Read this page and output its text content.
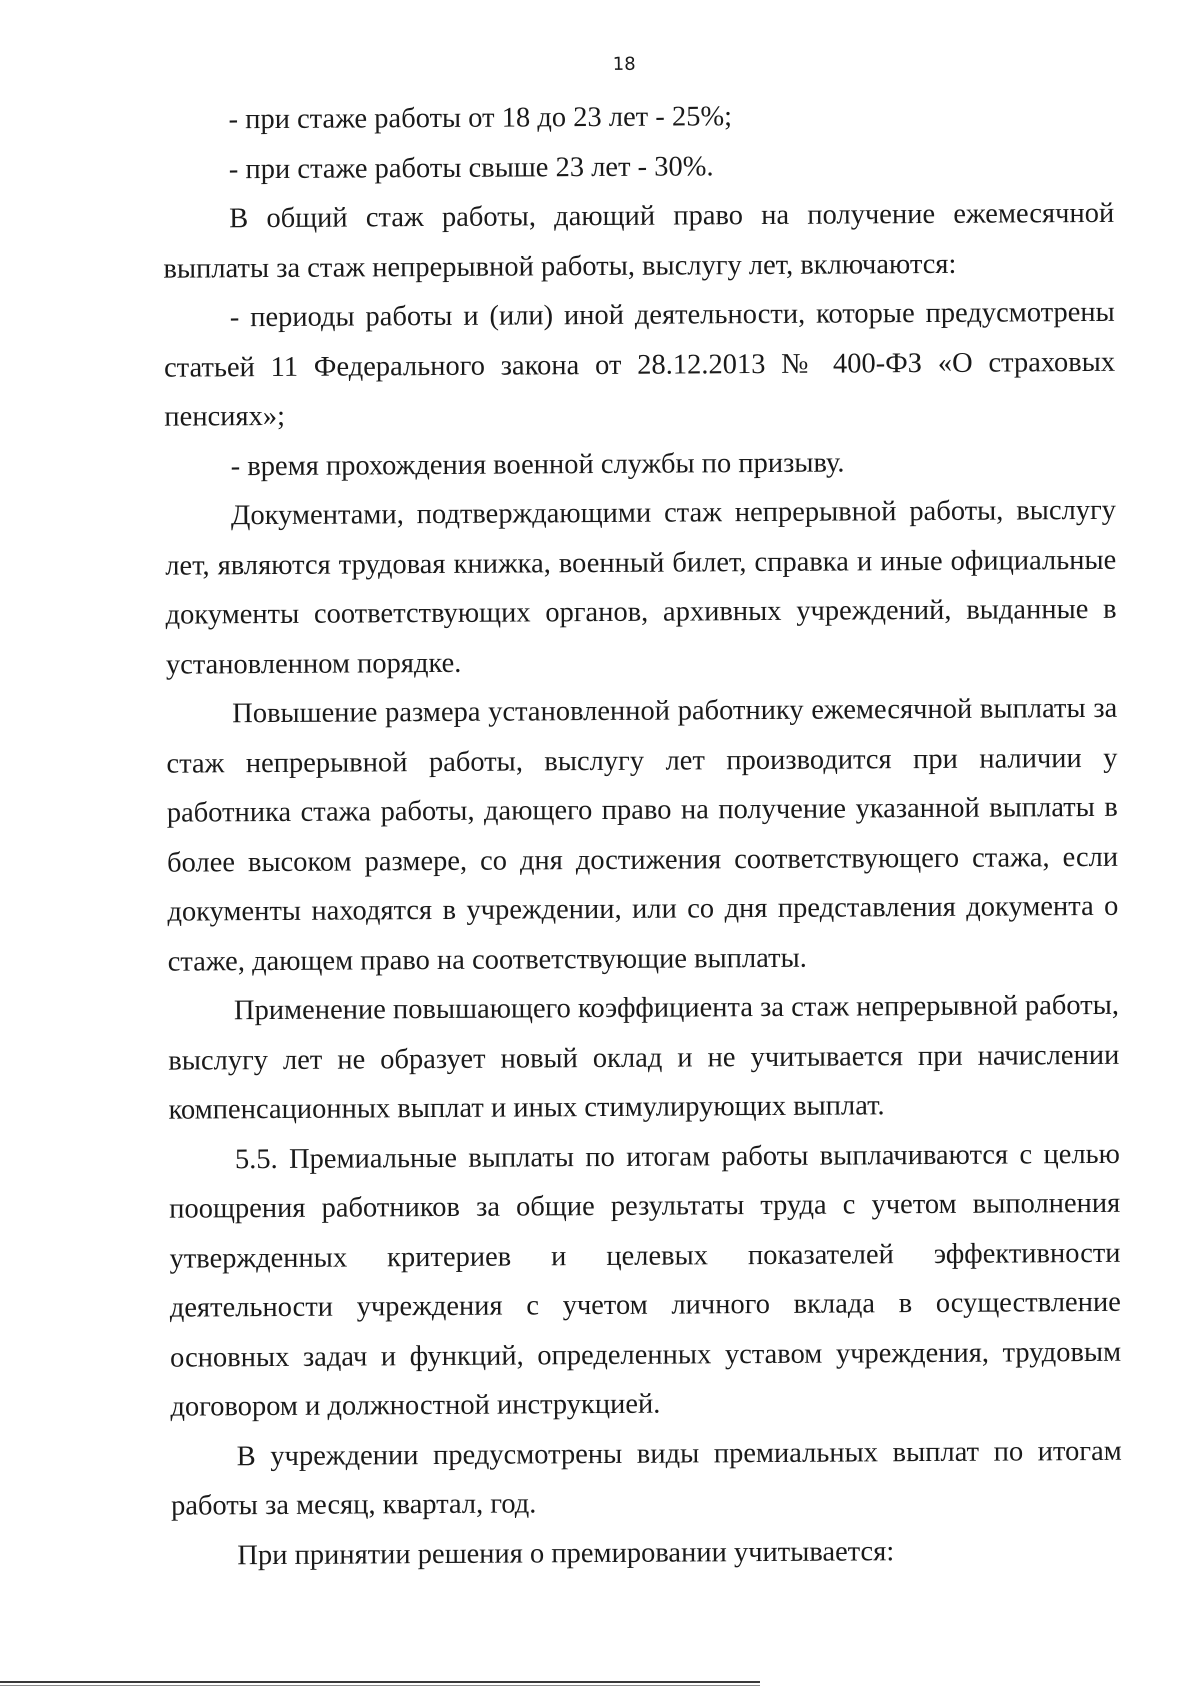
18

- при стаже работы от 18 до 23 лет - 25%;

- при стаже работы свыше 23 лет - 30%.

В общий стаж работы, дающий право на получение ежемесячной выплаты за стаж непрерывной работы, выслугу лет, включаются:

- периоды работы и (или) иной деятельности, которые предусмотрены статьей 11 Федерального закона от 28.12.2013 № 400-ФЗ «О страховых пенсиях»;

- время прохождения военной службы по призыву.

Документами, подтверждающими стаж непрерывной работы, выслугу лет, являются трудовая книжка, военный билет, справка и иные официальные документы соответствующих органов, архивных учреждений, выданные в установленном порядке.

Повышение размера установленной работнику ежемесячной выплаты за стаж непрерывной работы, выслугу лет производится при наличии у работника стажа работы, дающего право на получение указанной выплаты в более высоком размере, со дня достижения соответствующего стажа, если документы находятся в учреждении, или со дня представления документа о стаже, дающем право на соответствующие выплаты.

Применение повышающего коэффициента за стаж непрерывной работы, выслугу лет не образует новый оклад и не учитывается при начислении компенсационных выплат и иных стимулирующих выплат.

5.5. Премиальные выплаты по итогам работы выплачиваются с целью поощрения работников за общие результаты труда с учетом выполнения утвержденных критериев и целевых показателей эффективности деятельности учреждения с учетом личного вклада в осуществление основных задач и функций, определенных уставом учреждения, трудовым договором и должностной инструкцией.

В учреждении предусмотрены виды премиальных выплат по итогам работы за месяц, квартал, год.

При принятии решения о премировании учитывается:
